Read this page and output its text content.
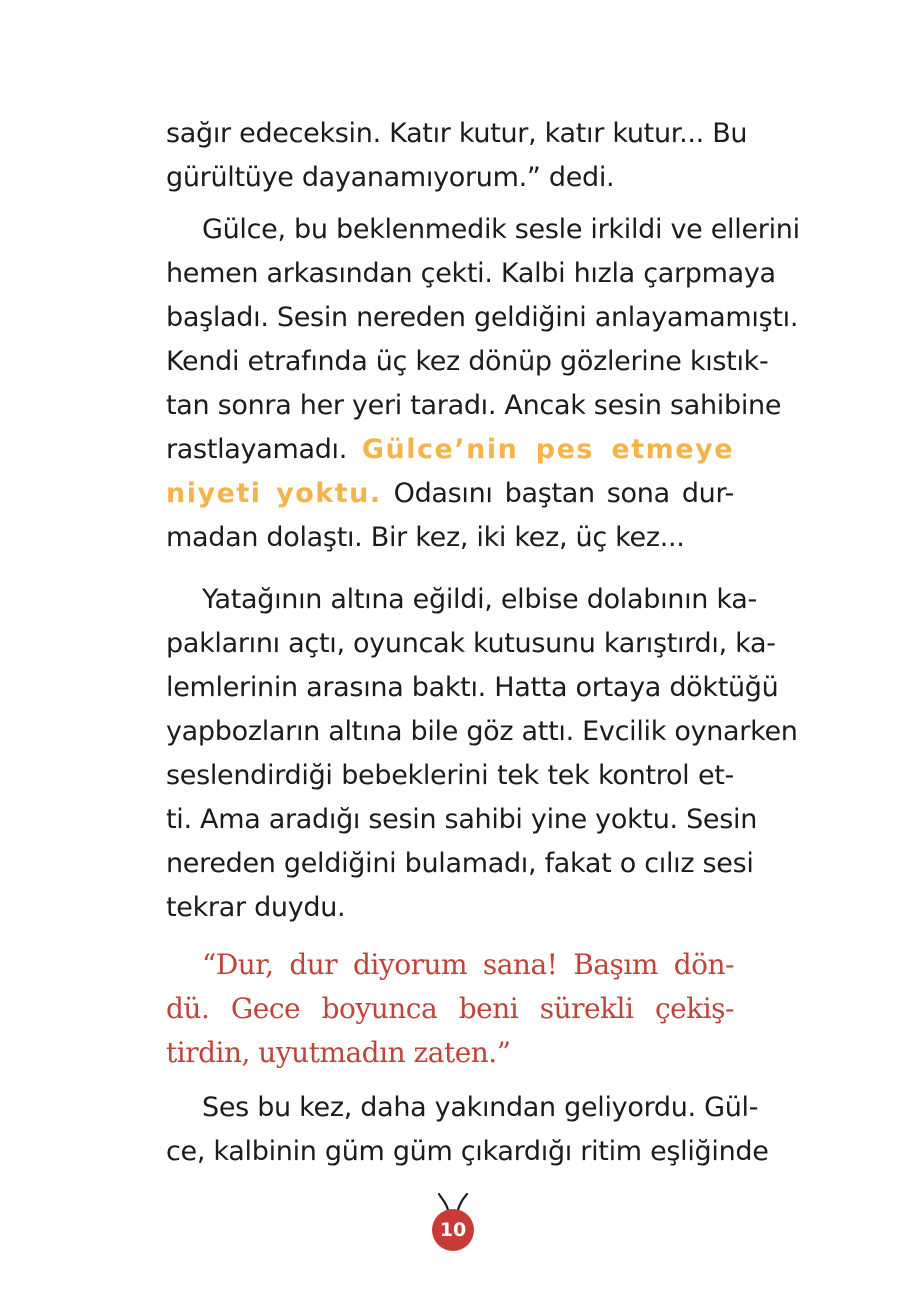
sağır edeceksin. Katır kutur, katır kutur... Bu
gürültüye dayanamıyorum.” dedi.
Gülce, bu beklenmedik sesle irkildi ve ellerini
hemen arkasından çekti. Kalbi hızla çarpmaya
başladı. Sesin nereden geldiğini anlayamamıştı.
Kendi etrafında üç kez dönüp gözlerine kıstık-
tan sonra her yeri taradı. Ancak sesin sahibine
rastlayamadı. Gülce’nin pes etmeye
niyeti yoktu. Odasını baştan sona dur-
madan dolaştı. Bir kez, iki kez, üç kez...
Yatağının altına eğildi, elbise dolabının ka-
paklarını açtı, oyuncak kutusunu karıştırdı, ka-
lemlerinin arasına baktı. Hatta ortaya döktüğü
yapbozların altına bile göz attı. Evcilik oynarken
seslendirdiği bebeklerini tek tek kontrol et-
ti. Ama aradığı sesin sahibi yine yoktu. Sesin
nereden geldiğini bulamadı, fakat o cılız sesi
tekrar duydu.
“Dur, dur diyorum sana! Başım dön-
dü. Gece boyunca beni sürekli çekiş-
tirdin, uyutmadın zaten.”
Ses bu kez, daha yakından geliyordu. Gül-
ce, kalbinin güm güm çıkardığı ritim eşliğinde
10
